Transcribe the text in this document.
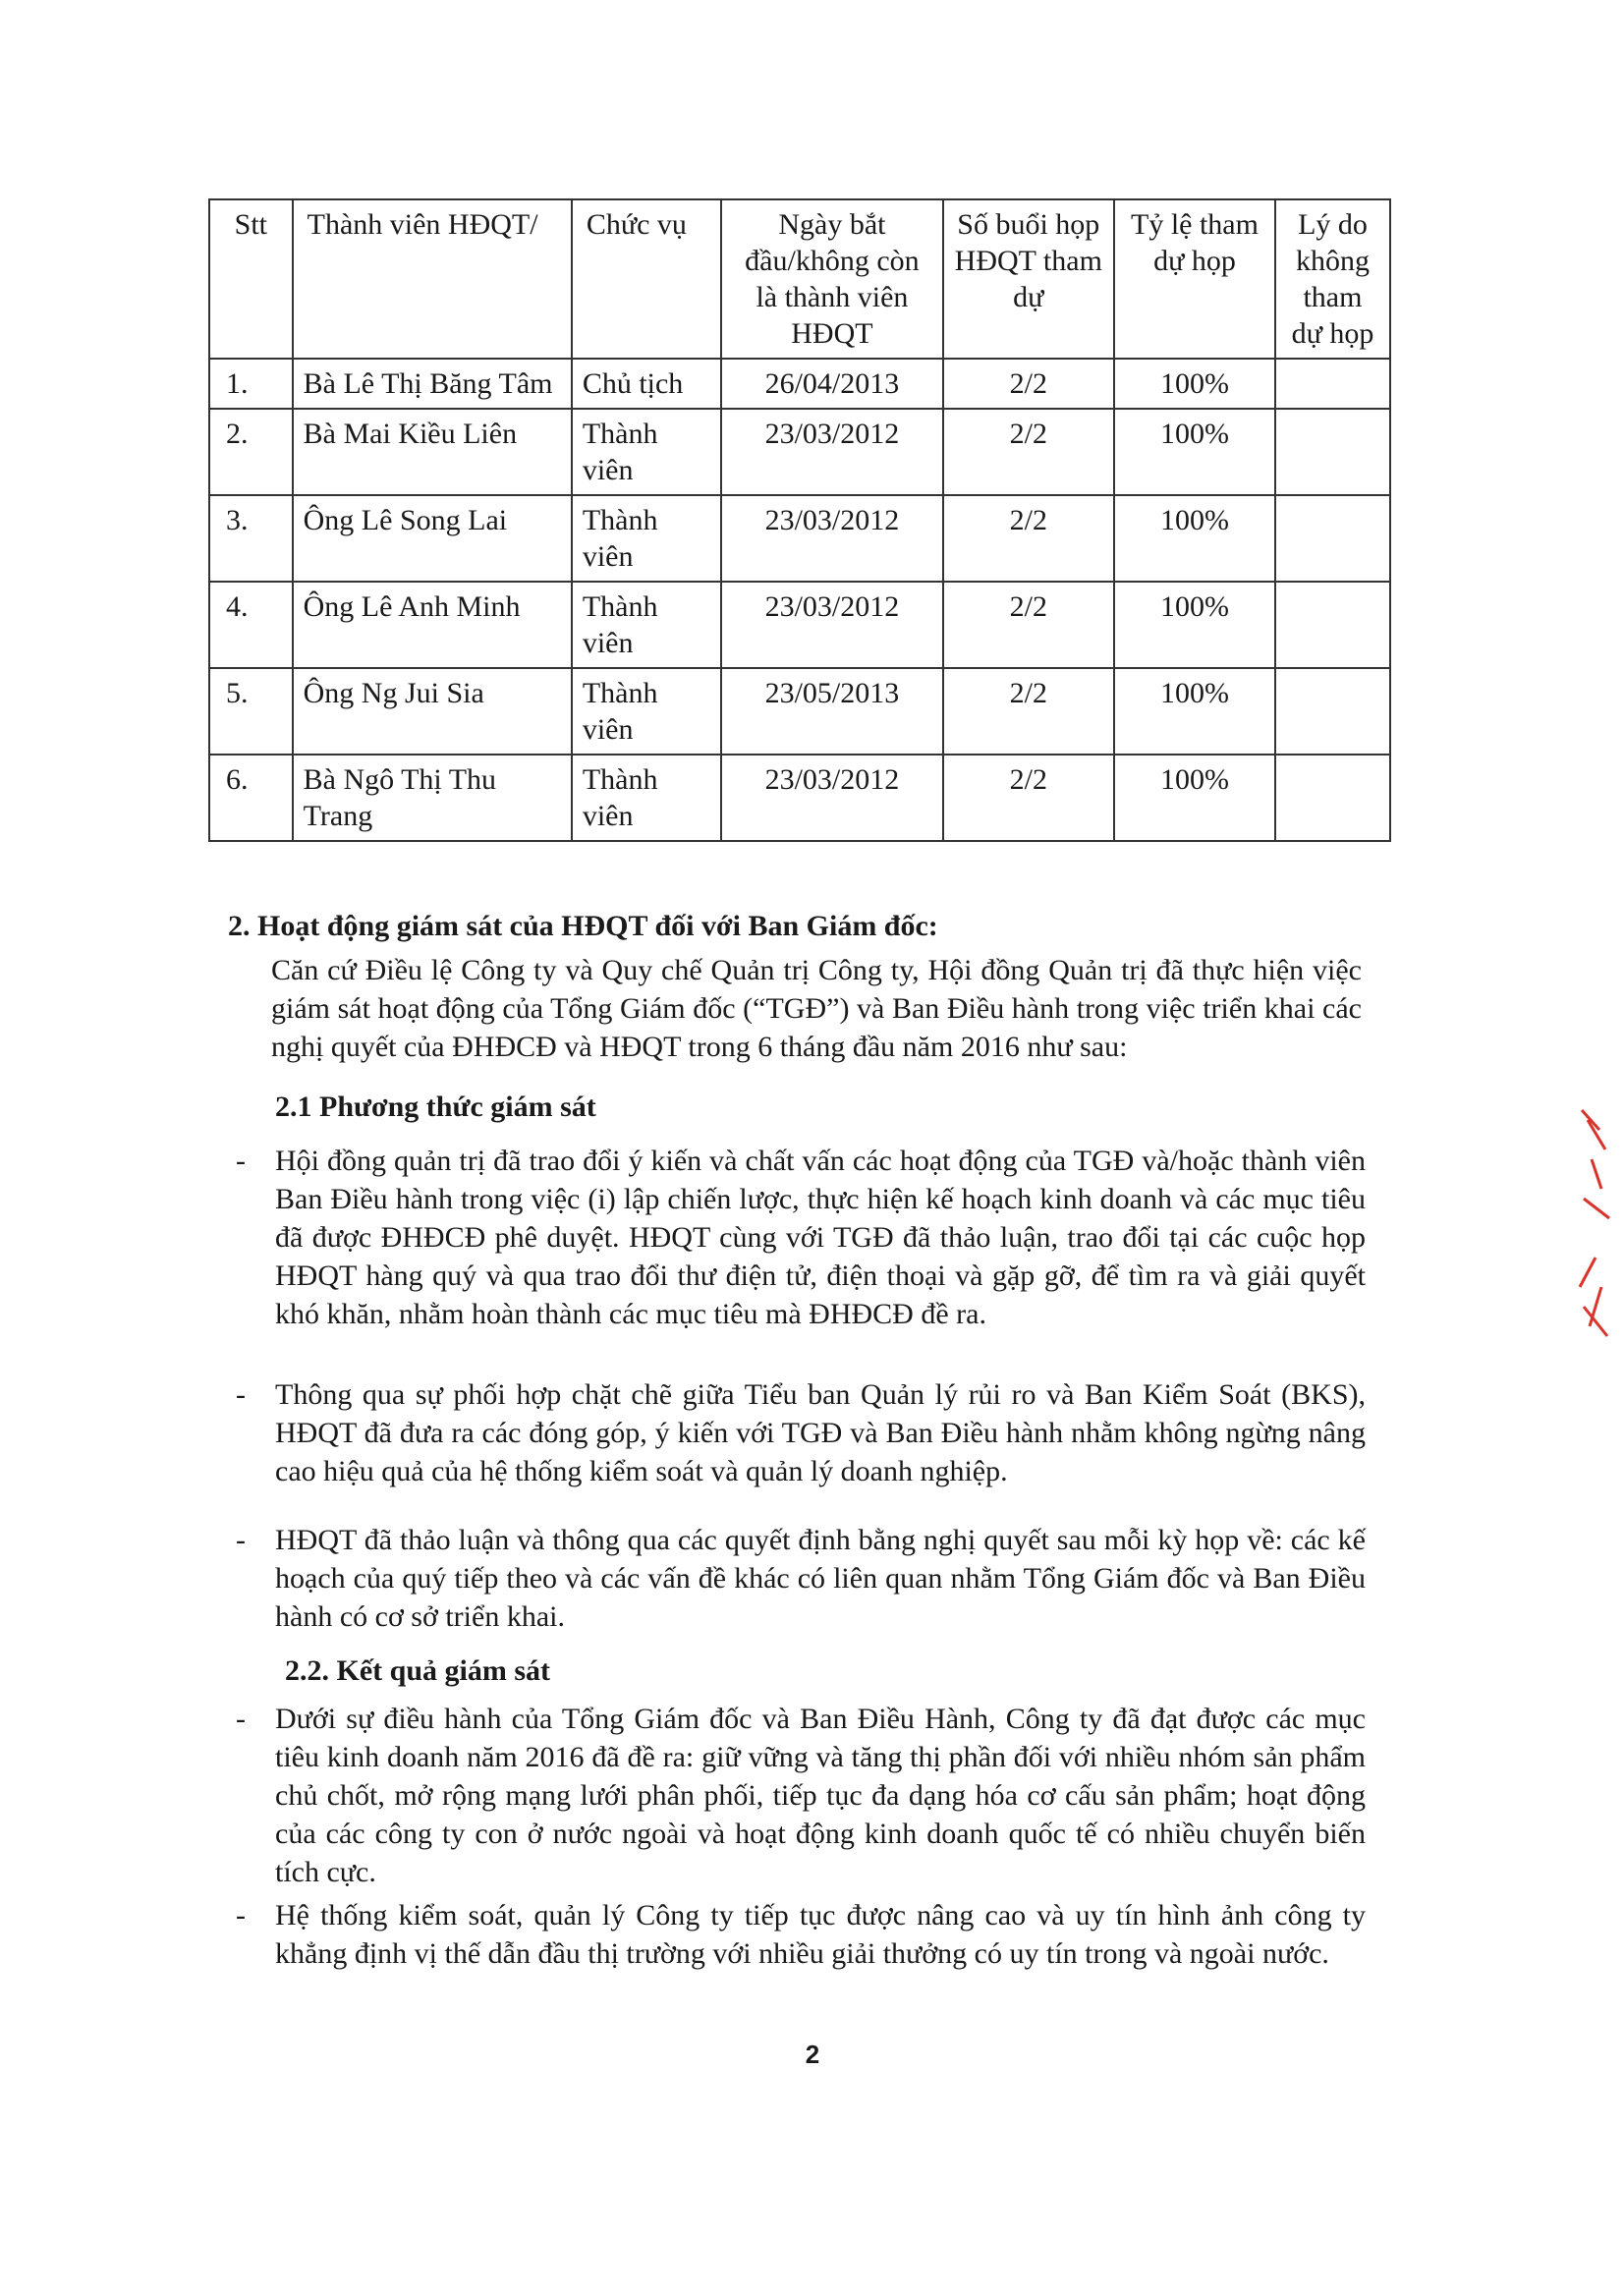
Stt	Thành viên HĐQT/	Chức vụ	Ngày bắt đầu/không còn là thành viên HĐQT	Số buổi họp HĐQT tham dự	Tỷ lệ tham dự họp	Lý do không tham dự họp
1.	Bà Lê Thị Băng Tâm	Chủ tịch	26/04/2013	2/2	100%	
2.	Bà Mai Kiều Liên	Thành viên	23/03/2012	2/2	100%	
3.	Ông Lê Song Lai	Thành viên	23/03/2012	2/2	100%	
4.	Ông Lê Anh Minh	Thành viên	23/03/2012	2/2	100%	
5.	Ông Ng Jui Sia	Thành viên	23/05/2013	2/2	100%	
6.	Bà Ngô Thị Thu Trang	Thành viên	23/03/2012	2/2	100%	
2. Hoạt động giám sát của HĐQT đối với Ban Giám đốc:
Căn cứ Điều lệ Công ty và Quy chế Quản trị Công ty, Hội đồng Quản trị đã thực hiện việc giám sát hoạt động của Tổng Giám đốc (“TGĐ”) và Ban Điều hành trong việc triển khai các nghị quyết của ĐHĐCĐ và HĐQT trong 6 tháng đầu năm 2016 như sau:
2.1 Phương thức giám sát
- Hội đồng quản trị đã trao đổi ý kiến và chất vấn các hoạt động của TGĐ và/hoặc thành viên Ban Điều hành trong việc (i) lập chiến lược, thực hiện kế hoạch kinh doanh và các mục tiêu đã được ĐHĐCĐ phê duyệt. HĐQT cùng với TGĐ đã thảo luận, trao đổi tại các cuộc họp HĐQT hàng quý và qua trao đổi thư điện tử, điện thoại và gặp gỡ, để tìm ra và giải quyết khó khăn, nhằm hoàn thành các mục tiêu mà ĐHĐCĐ đề ra.
- Thông qua sự phối hợp chặt chẽ giữa Tiểu ban Quản lý rủi ro và Ban Kiểm Soát (BKS), HĐQT đã đưa ra các đóng góp, ý kiến với TGĐ và Ban Điều hành nhằm không ngừng nâng cao hiệu quả của hệ thống kiểm soát và quản lý doanh nghiệp.
- HĐQT đã thảo luận và thông qua các quyết định bằng nghị quyết sau mỗi kỳ họp về: các kế hoạch của quý tiếp theo và các vấn đề khác có liên quan nhằm Tổng Giám đốc và Ban Điều hành có cơ sở triển khai.
2.2. Kết quả giám sát
- Dưới sự điều hành của Tổng Giám đốc và Ban Điều Hành, Công ty đã đạt được các mục tiêu kinh doanh năm 2016 đã đề ra: giữ vững và tăng thị phần đối với nhiều nhóm sản phẩm chủ chốt, mở rộng mạng lưới phân phối, tiếp tục đa dạng hóa cơ cấu sản phẩm; hoạt động của các công ty con ở nước ngoài và hoạt động kinh doanh quốc tế có nhiều chuyển biến tích cực.
- Hệ thống kiểm soát, quản lý Công ty tiếp tục được nâng cao và uy tín hình ảnh công ty khẳng định vị thế dẫn đầu thị trường với nhiều giải thưởng có uy tín trong và ngoài nước.
2
